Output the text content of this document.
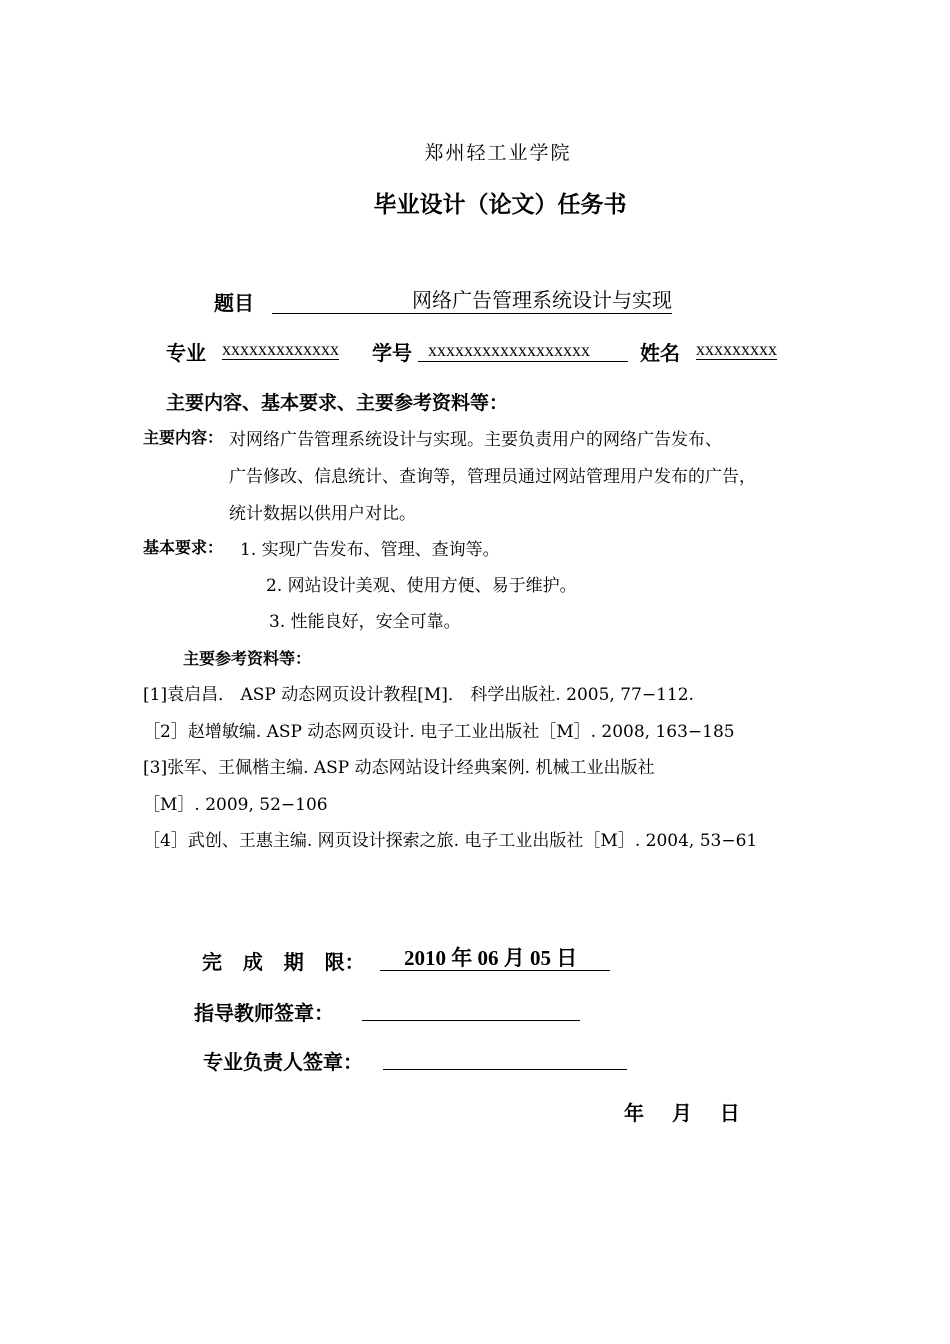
郑州轻工业学院
毕业设计（论文）任务书
题目	网络广告管理系统设计与实现
专业 xxxxxxxxxxxxx 学号 xxxxxxxxxxxxxxxxxx	姓名 xxxxxxxxx
主要内容、基本要求、主要参考资料等：
主要内容： 对网络广告管理系统设计与实现。主要负责用户的网络广告发布、
广告修改、信息统计、查询等，管理员通过网站管理用户发布的广告，
统计数据以供用户对比。
基本要求： 1. 实现广告发布、管理、查询等。
2. 网站设计美观、使用方便、易于维护。
3. 性能良好，安全可靠。
主要参考资料等：
[1]袁启昌． ASP 动态网页设计教程[M]． 科学出版社. 2005, 77−112.
［2］赵增敏编. ASP 动态网页设计. 电子工业出版社［M］. 2008, 163−185
[3]张军、王佩楷主编. ASP 动态网站设计经典案例. 机械工业出版社
［M］. 2009, 52−106
［4］武创、王惠主编. 网页设计探索之旅. 电子工业出版社［M］. 2004, 53−61
完   成   期   限：	2010 年 06 月 05 日
指导教师签章：
专业负责人签章：
年    月    日
